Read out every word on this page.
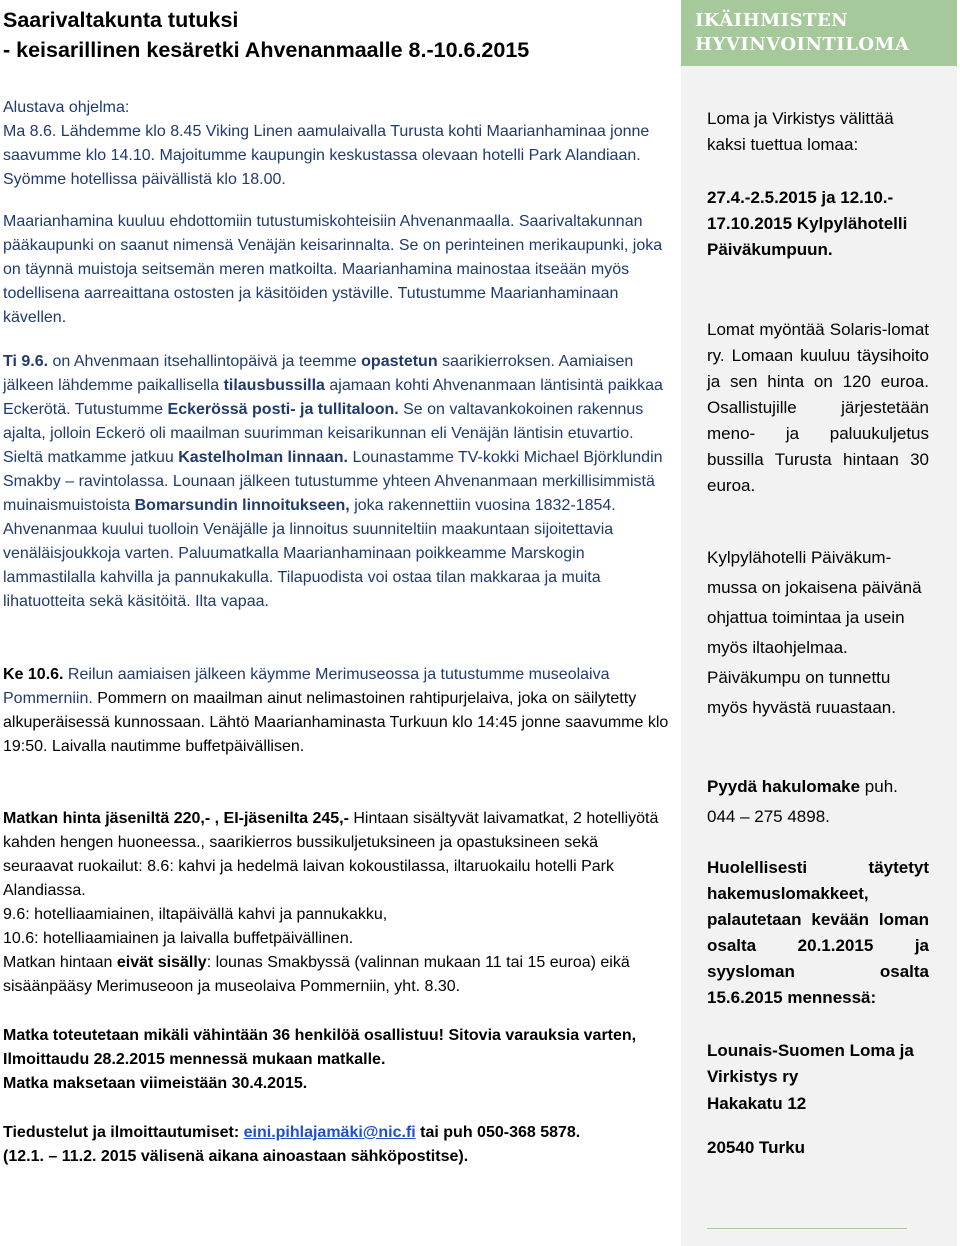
Saarivaltakunta tutuksi
- keisarillinen kesäretki Ahvenanmaalle 8.-10.6.2015
Alustava ohjelma:
Ma 8.6. Lähdemme klo 8.45 Viking Linen aamulaivalla Turusta kohti Maarianhaminaa jonne saavumme klo 14.10. Majoitumme kaupungin keskustassa olevaan hotelli Park Alandiaan. Syömme hotellissa päivällistä klo 18.00.
Maarianhamina kuuluu ehdottomiin tutustumiskohteisiin Ahvenanmaalla. Saarivaltakunnan pääkaupunki on saanut nimensä Venäjän keisarinnalta. Se on perinteinen merikaupunki, joka on täynnä muistoja seitsemän meren matkoilta. Maarianhamina mainostaa itseään myös todellisena aarreaittana ostosten ja käsitöiden ystäville. Tutustumme Maarianhaminaan kävellen.
Ti 9.6. on Ahvenmaan itsehallintopäivä ja teemme opastetun saarikierroksen. Aamiaisen jälkeen lähdemme paikallisella tilausbussilla ajamaan kohti Ahvenanmaan läntisintä paikkaa Eckerötä. Tutustumme Eckerössä posti- ja tullitaloon. Se on valtavankokoinen rakennus ajalta, jolloin Eckerö oli maailman suurimman keisarikunnan eli Venäjän läntisin etuvartio. Sieltä matkamme jatkuu Kastelholman linnaan. Lounastamme TV-kokki Michael Björklundin Smakby – ravintolassa. Lounaan jälkeen tutustumme yhteen Ahvenanmaan merkillisimmistä muinaismuistoista Bomarsundin linnoitukseen, joka rakennettiin vuosina 1832-1854. Ahvenanmaa kuului tuolloin Venäjälle ja linnoitus suunniteltiin maakuntaan sijoitettavia venäläisjoukkoja varten. Paluumatkalla Maarianhaminaan poikkeamme Marskogin lammastilalla kahvilla ja pannukakulla. Tilapuodista voi ostaa tilan makkaraa ja muita lihatuotteita sekä käsitöitä. Ilta vapaa.
Ke 10.6. Reilun aamiaisen jälkeen käymme Merimuseossa ja tutustumme museolaiva Pommerniin. Pommern on maailman ainut nelimastoinen rahtipurjelaiva, joka on säilytetty alkuperäisessä kunnossaan. Lähtö Maarianhaminasta Turkuun klo 14:45 jonne saavumme klo 19:50. Laivalla nautimme buffetpäivällisen.
Matkan hinta jäseniltä 220,- , EI-jäsenilta 245,- Hintaan sisältyvät laivamatkat, 2 hotelliyötä kahden hengen huoneessa., saarikierros bussikuljetuksineen ja opastuksineen sekä seuraavat ruokailut: 8.6: kahvi ja hedelmä laivan kokoustilassa, iltaruokailu hotelli Park Alandiassa.
9.6: hotelliaamiainen, iltapäivällä kahvi ja pannukakku,
10.6: hotelliaamiainen ja laivalla buffetpäivällinen.
Matkan hintaan eivät sisälly: lounas Smakbyssä (valinnan mukaan 11 tai 15 euroa) eikä sisäänpääsy Merimuseoon ja museolaiva Pommerniin, yht. 8.30.
Matka toteutetaan mikäli vähintään 36 henkilöä osallistuu! Sitovia varauksia varten, Ilmoittaudu 28.2.2015 mennessä mukaan matkalle.
Matka maksetaan viimeistään 30.4.2015.
Tiedustelut ja ilmoittautumiset: eini.pihlajamäki@nic.fi tai puh 050-368 5878.
(12.1. – 11.2. 2015 välisenä aikana ainoastaan sähköpostitse).
IKÄIHMISTEN
HYVINVOINTILOMA
Loma ja Virkistys välittää kaksi tuettua lomaa:
27.4.-2.5.2015 ja 12.10.- 17.10.2015 Kylpylähotelli Päiväkumpuun.
Lomat myöntää Solaris-lomat ry. Lomaan kuuluu täysihoito ja sen hinta on 120 euroa. Osallistujille järjestetään meno- ja paluukuljetus bussilla Turusta hintaan 30 euroa.
Kylpylähotelli Päiväkum-mussa on jokaisena päivänä ohjattua toimintaa ja usein myös iltaohjelmaa. Päiväkumpu on tunnettu myös hyvästä ruuastaan.
Pyydä hakulomake puh. 044 – 275 4898.
Huolellisesti täytetyt hakemuslomakkeet, palautetaan kevään loman osalta 20.1.2015 ja syysloman osalta 15.6.2015 mennessä:
Lounais-Suomen Loma ja Virkistys ry
Hakakatu 12
20540 Turku
